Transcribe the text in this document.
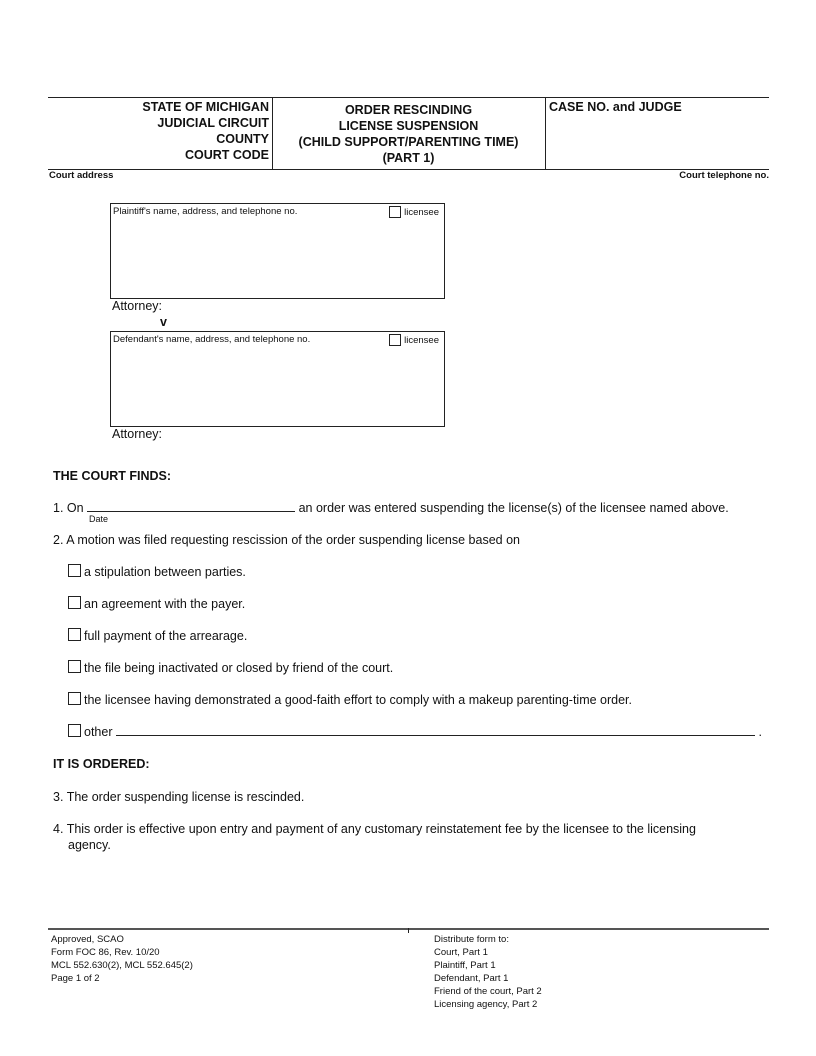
STATE OF MICHIGAN
JUDICIAL CIRCUIT
COUNTY
COURT CODE
ORDER RESCINDING
LICENSE SUSPENSION
(CHILD SUPPORT/PARENTING TIME)
(PART 1)
CASE NO. and JUDGE
Court address	Court telephone no.
Plaintiff's name, address, and telephone no.	licensee
Attorney:
v
Defendant's name, address, and telephone no.	licensee
Attorney:
THE COURT FINDS:
1. On	an order was entered suspending the license(s) of the licensee named above.
Date
2. A motion was filed requesting rescission of the order suspending license based on
a stipulation between parties.
an agreement with the payer.
full payment of the arrearage.
the file being inactivated or closed by friend of the court.
the licensee having demonstrated a good-faith effort to comply with a makeup parenting-time order.
other	.
IT IS ORDERED:
3. The order suspending license is rescinded.
4. This order is effective upon entry and payment of any customary reinstatement fee by the licensee to the licensing
agency.
Approved, SCAO
Form FOC 86, Rev. 10/20
MCL 552.630(2), MCL 552.645(2)
Page 1 of 2
Distribute form to:
Court, Part 1
Plaintiff, Part 1
Defendant, Part 1
Friend of the court, Part 2
Licensing agency, Part 2
